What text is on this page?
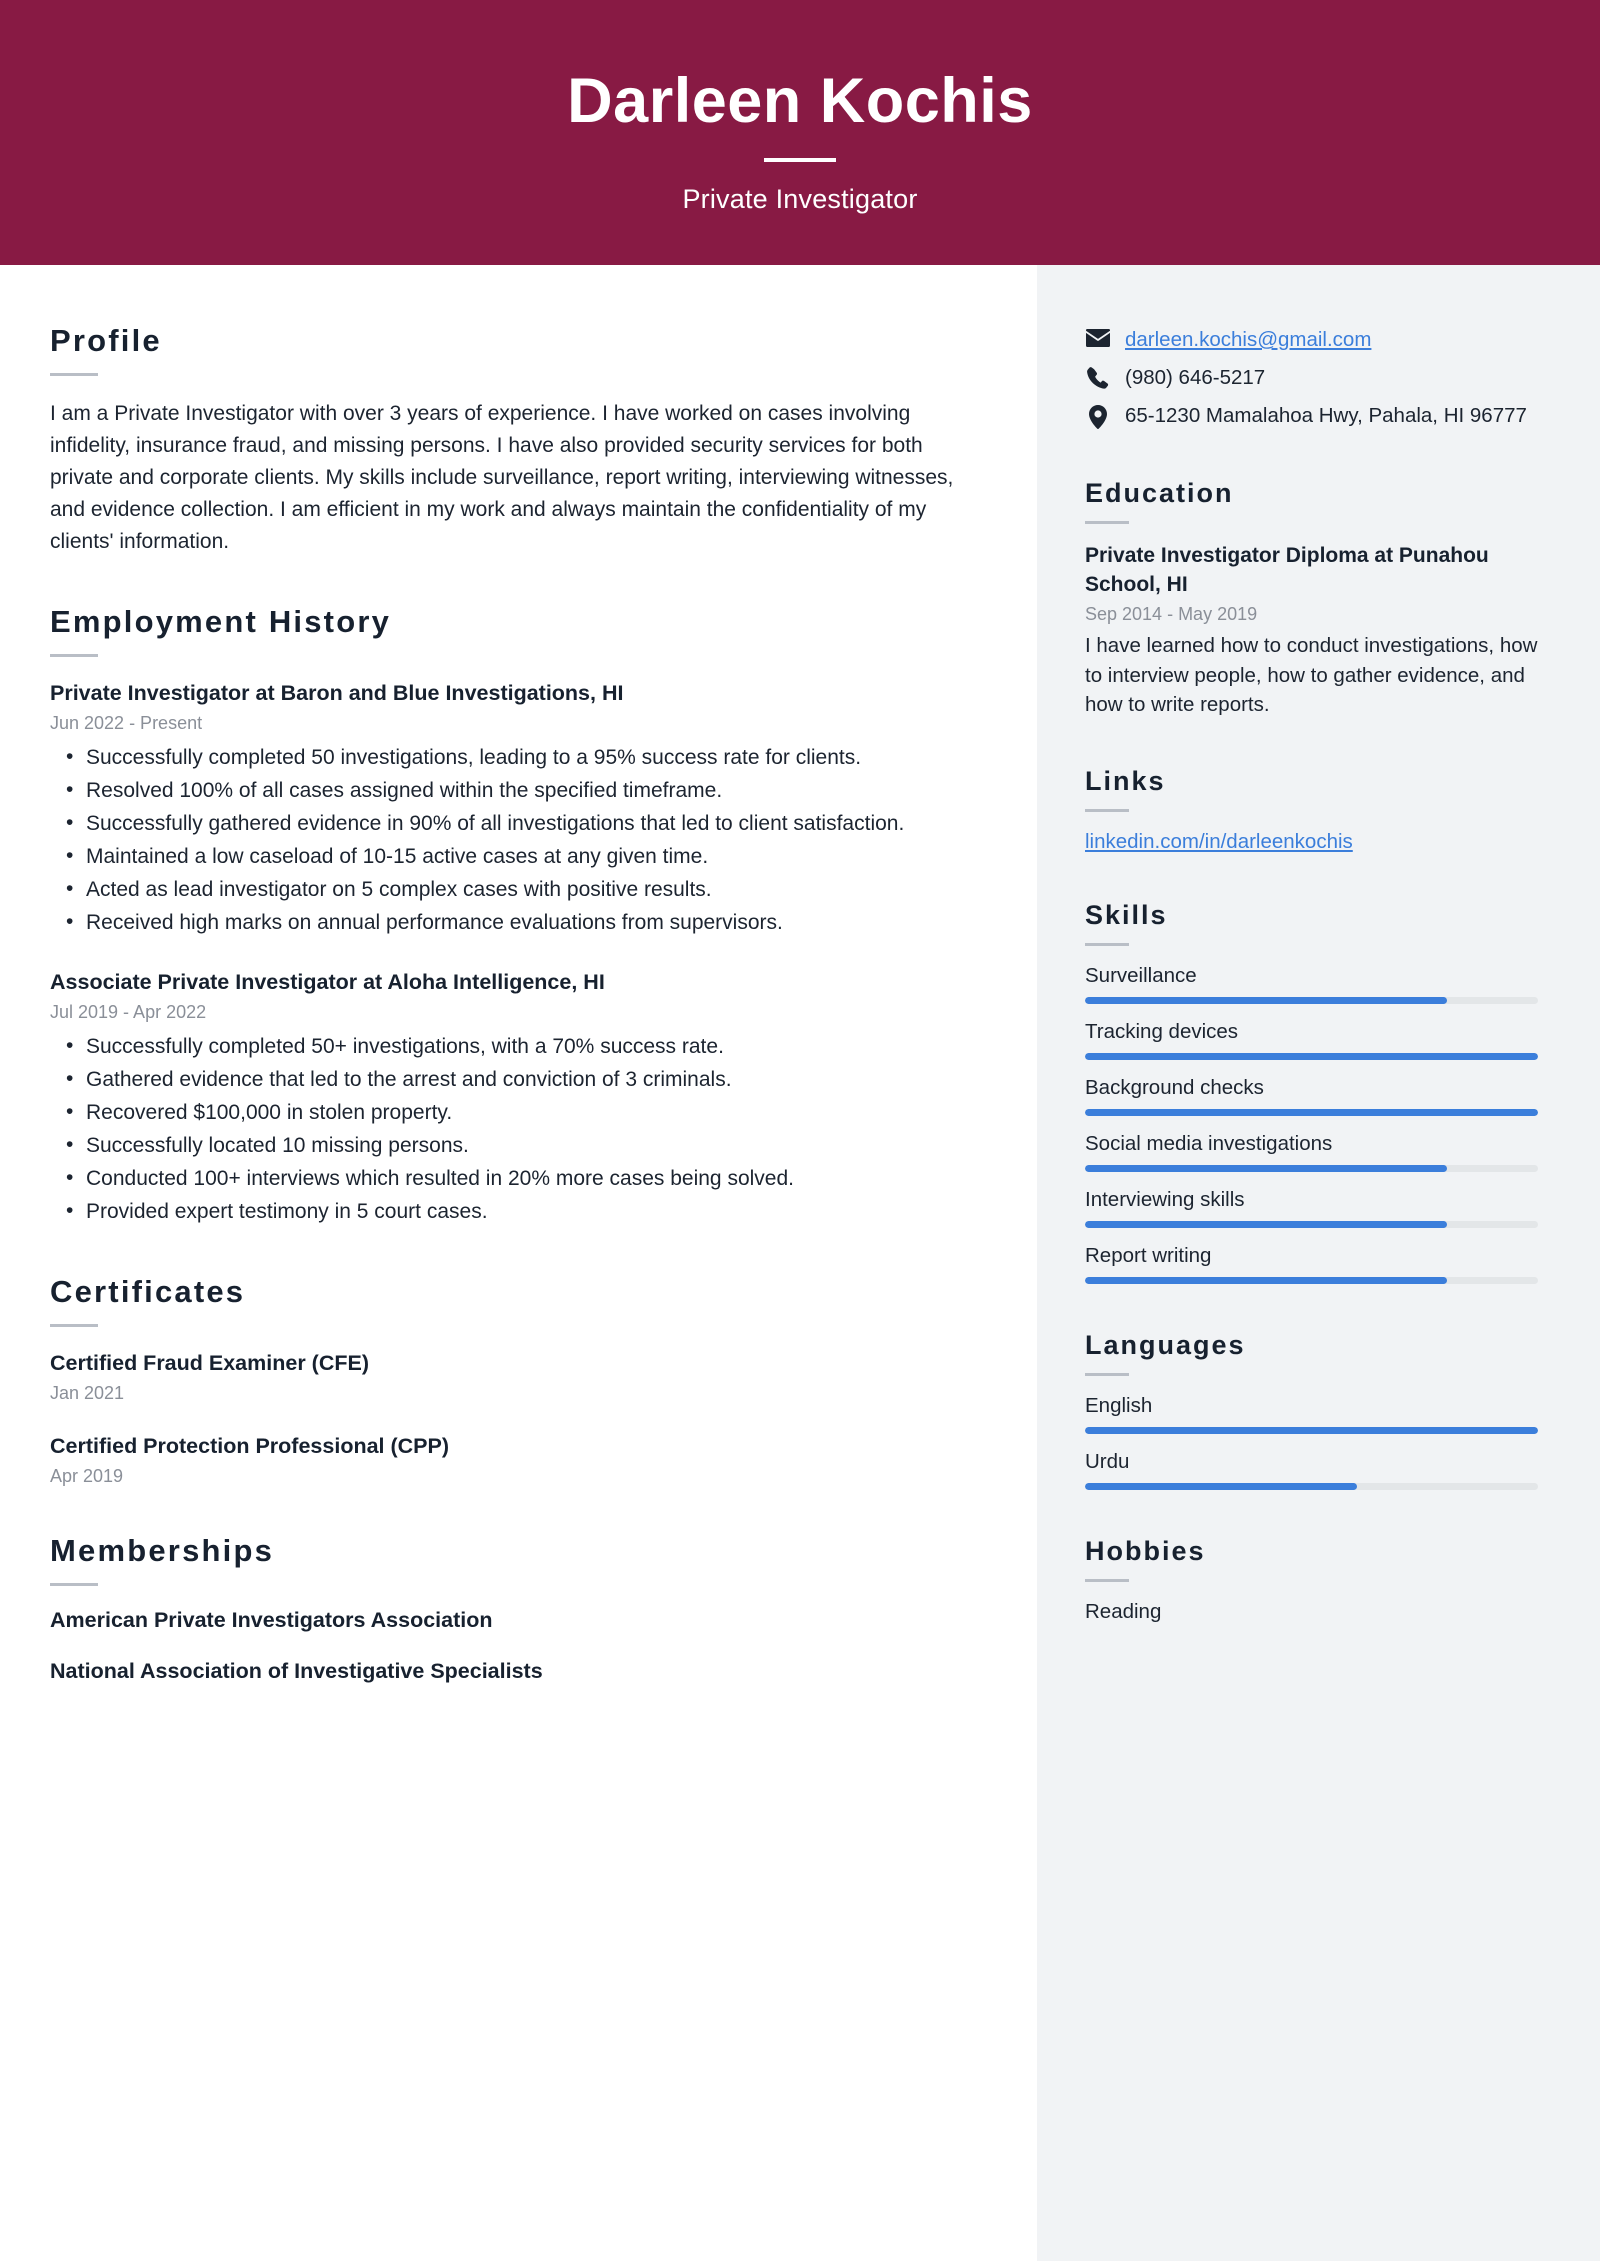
Darleen Kochis
Private Investigator
Profile

I am a Private Investigator with over 3 years of experience. I have worked on cases involving infidelity, insurance fraud, and missing persons. I have also provided security services for both private and corporate clients. My skills include surveillance, report writing, interviewing witnesses, and evidence collection. I am efficient in my work and always maintain the confidentiality of my clients' information.

Employment History
Private Investigator at Baron and Blue Investigations, HI
Jun 2022 - Present
• Successfully completed 50 investigations, leading to a 95% success rate for clients.
• Resolved 100% of all cases assigned within the specified timeframe.
• Successfully gathered evidence in 90% of all investigations that led to client satisfaction.
• Maintained a low caseload of 10-15 active cases at any given time.
• Acted as lead investigator on 5 complex cases with positive results.
• Received high marks on annual performance evaluations from supervisors.
Associate Private Investigator at Aloha Intelligence, HI
Jul 2019 - Apr 2022
• Successfully completed 50+ investigations, with a 70% success rate.
• Gathered evidence that led to the arrest and conviction of 3 criminals.
• Recovered $100,000 in stolen property.
• Successfully located 10 missing persons.
• Conducted 100+ interviews which resulted in 20% more cases being solved.
• Provided expert testimony in 5 court cases.
Certificates
Certified Fraud Examiner (CFE)
Jan 2021
Certified Protection Professional (CPP)
Apr 2019
Memberships
American Private Investigators Association
National Association of Investigative Specialists
darleen.kochis@gmail.com
(980) 646-5217
65-1230 Mamalahoa Hwy, Pahala, HI 96777
Education
Private Investigator Diploma at Punahou School, HI
Sep 2014 - May 2019
I have learned how to conduct investigations, how to interview people, how to gather evidence, and how to write reports.
Links
linkedin.com/in/darleenkochis
Skills
Surveillance
Tracking devices
Background checks
Social media investigations
Interviewing skills
Report writing
Languages
English
Urdu
Hobbies
Reading
